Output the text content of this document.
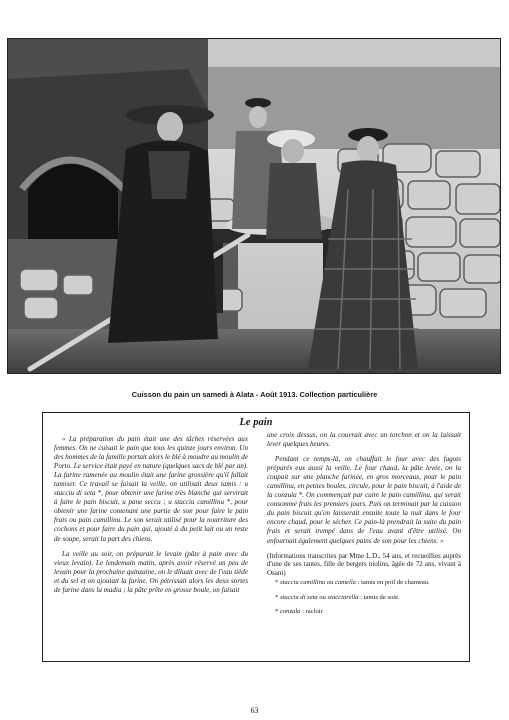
Cuisson du pain un samedi à Alata - Août 1913. Collection particulière
Le pain

« La préparation du pain était une des tâches réservées aux femmes. On ne cuisait le pain que tous les quinze jours environ. Un des hommes de la famille portait alors le blé à moudre au moulin de Porto. Le service était payé en nature (quelques sacs de blé par an). La farine ramenée au moulin était une farine grossière qu'il fallait tamiser. Ce travail se faisait la veille, on utilisait deux tamis : u stacciu di seta *, pour obtenir une farine très blanche qui servirait à faire le pain biscuit, u pane seccu ; u stacciu camillinu *, pour obtenir une farine contenant une partie de son pour faire le pain frais ou pain camillinu. Le son serait utilisé pour la nourriture des cochons et pour faire du pain qui, ajouté à du petit lait ou un reste de soupe, serait la part des chiens.

La veille au soir, on préparait le levain (pâte à pain avec du vieux levain). Le lendemain matin, après avoir réservé un peu de levain pour la prochaine quinzaine, on le diluait avec de l'eau tiède et du sel et on ajoutait la farine. On pétrissait alors les deux sortes de farine dans la madia ; la pâte prête en grosse boule, on faisait

une croix dessus, on la couvrait avec un torchon et on la laissait lever quelques heures.

Pendant ce temps-là, on chauffait le four avec des fagots préparés eux aussi la veille. Le four chaud, la pâte levée, on la coupait sur une planche farinée, en gros morceaux, pour le pain camillinu, en petites boules, circule, pour le pain biscuit, à l'aide de la conzula *. On commençait par cuire le pain camillinu, qui serait consommé frais les premiers jours. Puis on terminait par la cuisson du pain biscuit qu'on laisserait ensuite toute la nuit dans le four encore chaud, pour le sécher. Ce pain-là prendrait la suite du pain frais et serait trempé dans de l'eau avant d'être utilisé. On enfournait également quelques pains de son pour les chiens. »

(Informations transcrites par Mme L.D., 54 ans, et recueillies auprès d'une de ses tantes, fille de bergers niolins, âgée de 72 ans, vivant à Osani)

* stacciu camillinu ou camella : tamis en poil de chameau.

* stacciu di seta ou stacciarella : tamis de soie.

* conzula : racloir

63
